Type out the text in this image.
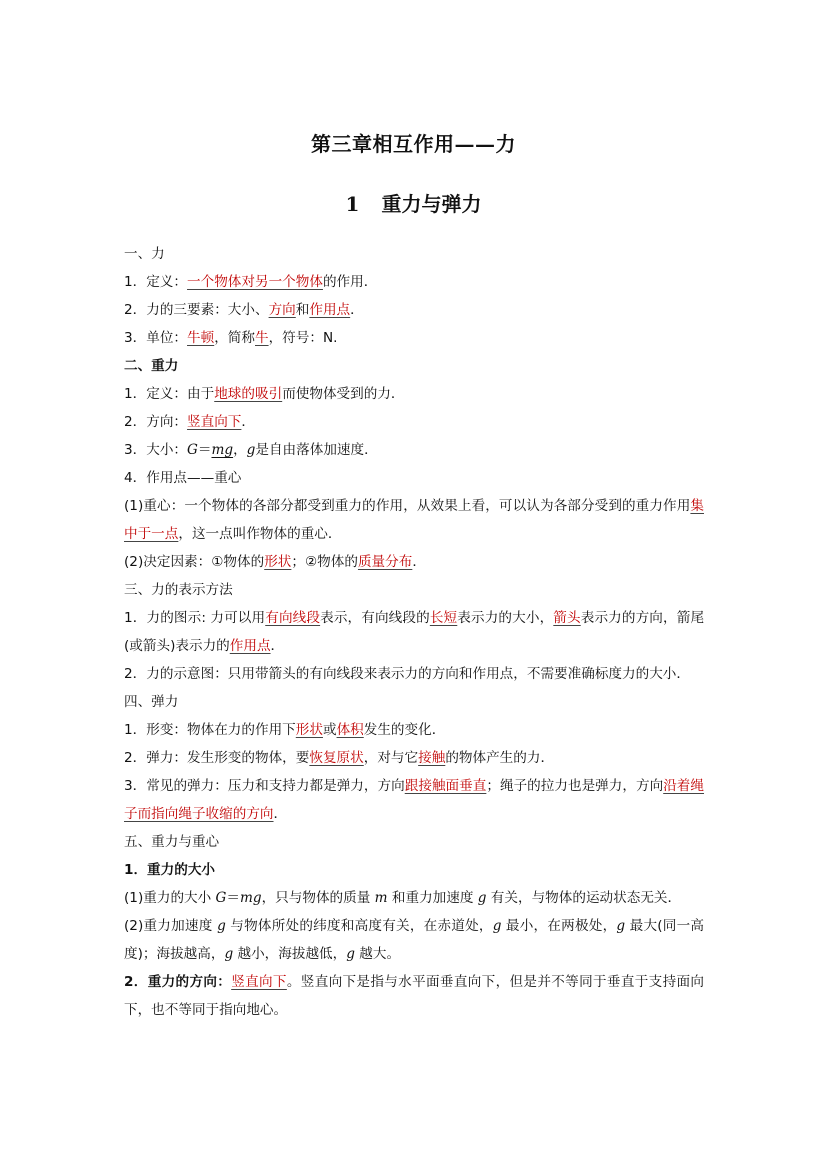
第三章相互作用——力
1 重力与弹力
一、力
1．定义：一个物体对另一个物体的作用．
2．力的三要素：大小、方向和作用点．
3．单位：牛顿，简称牛，符号：N.
二、重力
1．定义：由于地球的吸引而使物体受到的力．
2．方向：竖直向下．
3．大小：G＝mg，g是自由落体加速度．
4．作用点——重心
(1)重心：一个物体的各部分都受到重力的作用，从效果上看，可以认为各部分受到的重力作用集中于一点，这一点叫作物体的重心．
(2)决定因素：①物体的形状；②物体的质量分布．
三、力的表示方法
1．力的图示: 力可以用有向线段表示，有向线段的长短表示力的大小，箭头表示力的方向，箭尾(或箭头)表示力的作用点．
2．力的示意图：只用带箭头的有向线段来表示力的方向和作用点，不需要准确标度力的大小．
四、弹力
1．形变：物体在力的作用下形状或体积发生的变化．
2．弹力：发生形变的物体，要恢复原状，对与它接触的物体产生的力．
3．常见的弹力：压力和支持力都是弹力，方向跟接触面垂直；绳子的拉力也是弹力，方向沿着绳子而指向绳子收缩的方向．
五、重力与重心
1．重力的大小
(1)重力的大小 G＝mg，只与物体的质量 m 和重力加速度 g 有关，与物体的运动状态无关．
(2)重力加速度 g 与物体所处的纬度和高度有关，在赤道处，g 最小，在两极处，g 最大(同一高度)；海拔越高，g 越小，海拔越低，g 越大。
2．重力的方向：竖直向下。竖直向下是指与水平面垂直向下，但是并不等同于垂直于支持面向下，也不等同于指向地心。
